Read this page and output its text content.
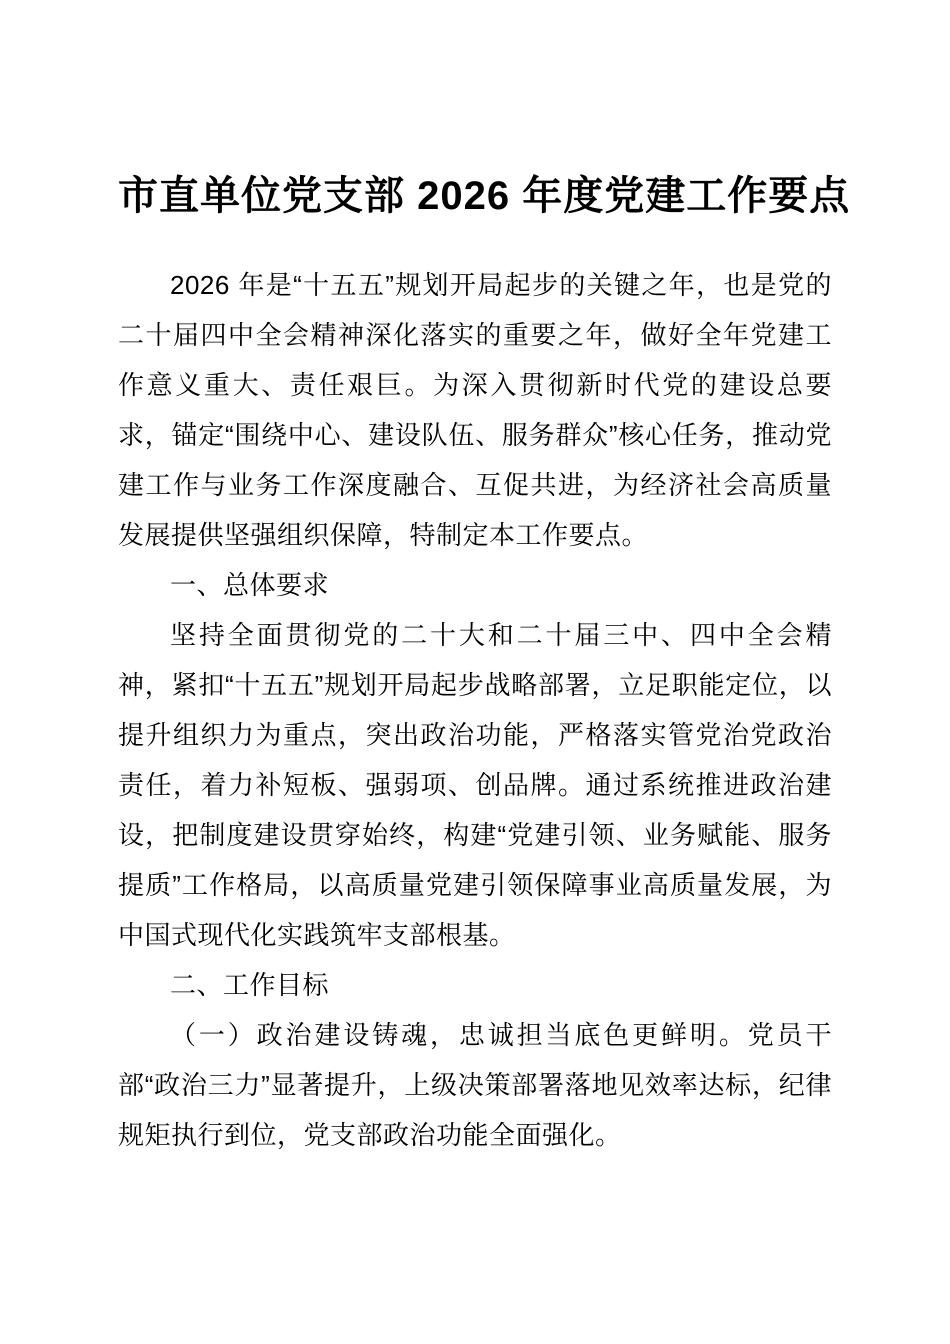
市直单位党支部 2026 年度党建工作要点

2026 年是“十五五”规划开局起步的关键之年，也是党的二十届四中全会精神深化落实的重要之年，做好全年党建工作意义重大、责任艰巨。为深入贯彻新时代党的建设总要求，锚定“围绕中心、建设队伍、服务群众”核心任务，推动党建工作与业务工作深度融合、互促共进，为经济社会高质量发展提供坚强组织保障，特制定本工作要点。

一、总体要求

坚持全面贯彻党的二十大和二十届三中、四中全会精神，紧扣“十五五”规划开局起步战略部署，立足职能定位，以提升组织力为重点，突出政治功能，严格落实管党治党政治责任，着力补短板、强弱项、创品牌。通过系统推进政治建设，把制度建设贯穿始终，构建“党建引领、业务赋能、服务提质”工作格局，以高质量党建引领保障事业高质量发展，为中国式现代化实践筑牢支部根基。

二、工作目标

（一）政治建设铸魂，忠诚担当底色更鲜明。党员干部“政治三力”显著提升，上级决策部署落地见效率达标，纪律规矩执行到位，党支部政治功能全面强化。
